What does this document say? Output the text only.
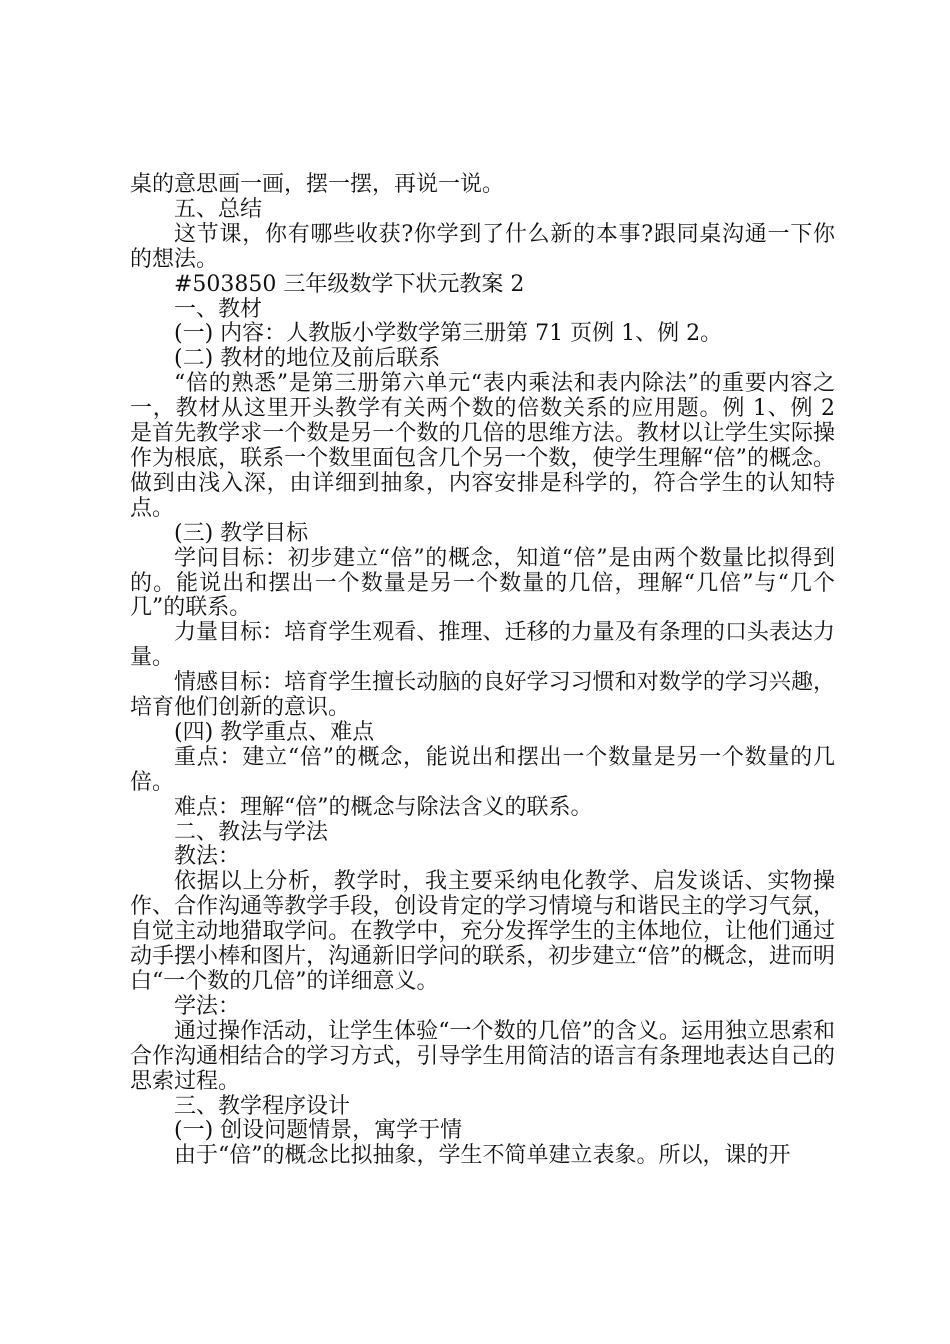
桌的意思画一画，摆一摆，再说一说。

五、总结

这节课，你有哪些收获?你学到了什么新的本事?跟同桌沟通一下你的想法。

#503850 三年级数学下状元教案 2

一、教材

(一) 内容：人教版小学数学第三册第 71 页例 1、例 2。

(二) 教材的地位及前后联系

“倍的熟悉”是第三册第六单元“表内乘法和表内除法”的重要内容之一，教材从这里开头教学有关两个数的倍数关系的应用题。例 1、例 2 是首先教学求一个数是另一个数的几倍的思维方法。教材以让学生实际操作为根底，联系一个数里面包含几个另一个数，使学生理解“倍”的概念。做到由浅入深，由详细到抽象，内容安排是科学的，符合学生的认知特点。

(三) 教学目标

学问目标：初步建立“倍”的概念，知道“倍”是由两个数量比拟得到的。能说出和摆出一个数量是另一个数量的几倍，理解“几倍”与“几个几”的联系。

力量目标：培育学生观看、推理、迁移的力量及有条理的口头表达力量。

情感目标：培育学生擅长动脑的良好学习习惯和对数学的学习兴趣，培育他们创新的意识。

(四) 教学重点、难点

重点：建立“倍”的概念，能说出和摆出一个数量是另一个数量的几倍。

难点：理解“倍”的概念与除法含义的联系。

二、教法与学法

教法：

依据以上分析，教学时，我主要采纳电化教学、启发谈话、实物操作、合作沟通等教学手段，创设肯定的学习情境与和谐民主的学习气氛，自觉主动地猎取学问。在教学中，充分发挥学生的主体地位，让他们通过动手摆小棒和图片，沟通新旧学问的联系，初步建立“倍”的概念，进而明白“一个数的几倍”的详细意义。

学法：

通过操作活动，让学生体验“一个数的几倍”的含义。运用独立思索和合作沟通相结合的学习方式，引导学生用简洁的语言有条理地表达自己的思索过程。

三、教学程序设计

(一) 创设问题情景，寓学于情

由于“倍”的概念比拟抽象，学生不简单建立表象。所以，课的开
